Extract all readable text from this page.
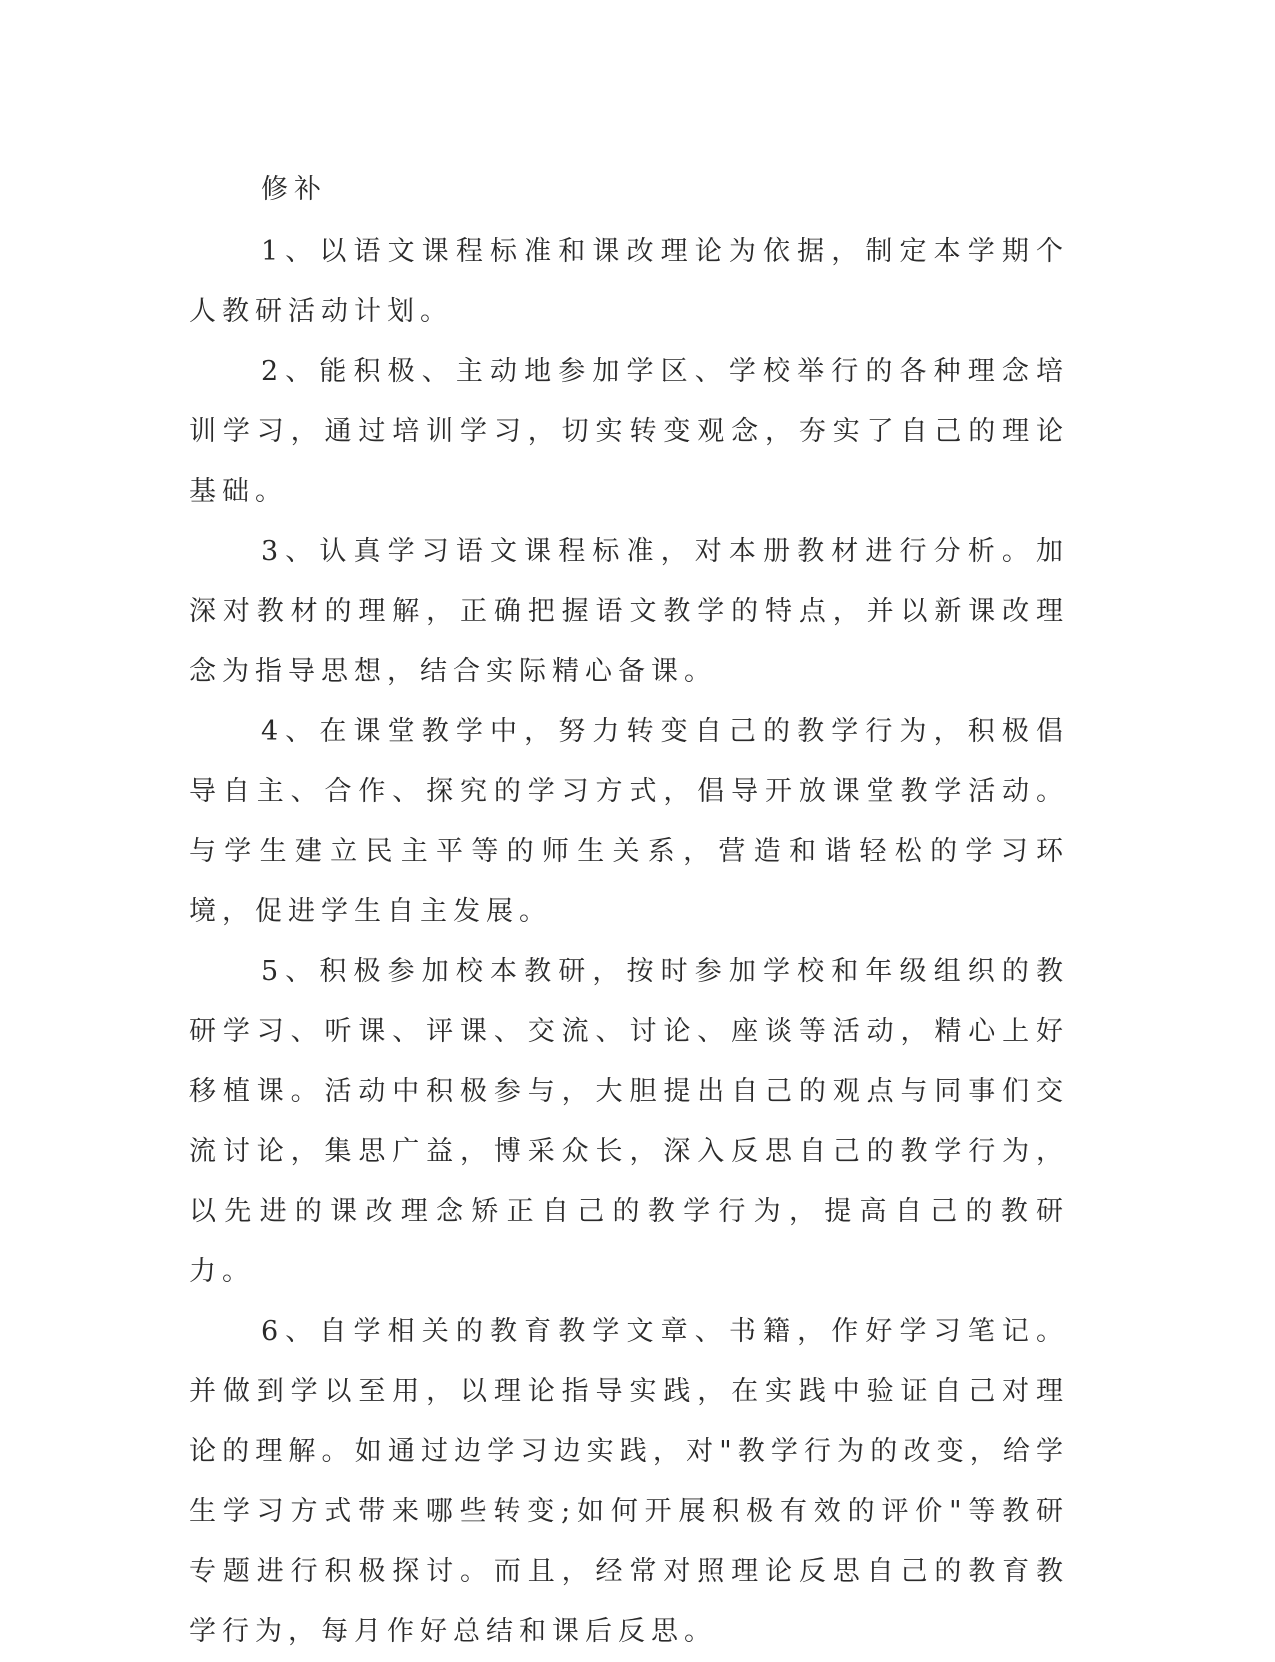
修补

1、以语文课程标准和课改理论为依据，制定本学期个人教研活动计划。

2、能积极、主动地参加学区、学校举行的各种理念培训学习，通过培训学习，切实转变观念，夯实了自己的理论基础。

3、认真学习语文课程标准，对本册教材进行分析。加深对教材的理解，正确把握语文教学的特点，并以新课改理念为指导思想，结合实际精心备课。

4、在课堂教学中，努力转变自己的教学行为，积极倡导自主、合作、探究的学习方式，倡导开放课堂教学活动。与学生建立民主平等的师生关系，营造和谐轻松的学习环境，促进学生自主发展。

5、积极参加校本教研，按时参加学校和年级组织的教研学习、听课、评课、交流、讨论、座谈等活动，精心上好移植课。活动中积极参与，大胆提出自己的观点与同事们交流讨论，集思广益，博采众长，深入反思自己的教学行为，以先进的课改理念矫正自己的教学行为，提高自己的教研力。

6、自学相关的教育教学文章、书籍，作好学习笔记。并做到学以至用，以理论指导实践，在实践中验证自己对理论的理解。如通过边学习边实践，对"教学行为的改变，给学生学习方式带来哪些转变;如何开展积极有效的评价"等教研专题进行积极探讨。而且，经常对照理论反思自己的教育教学行为，每月作好总结和课后反思。
